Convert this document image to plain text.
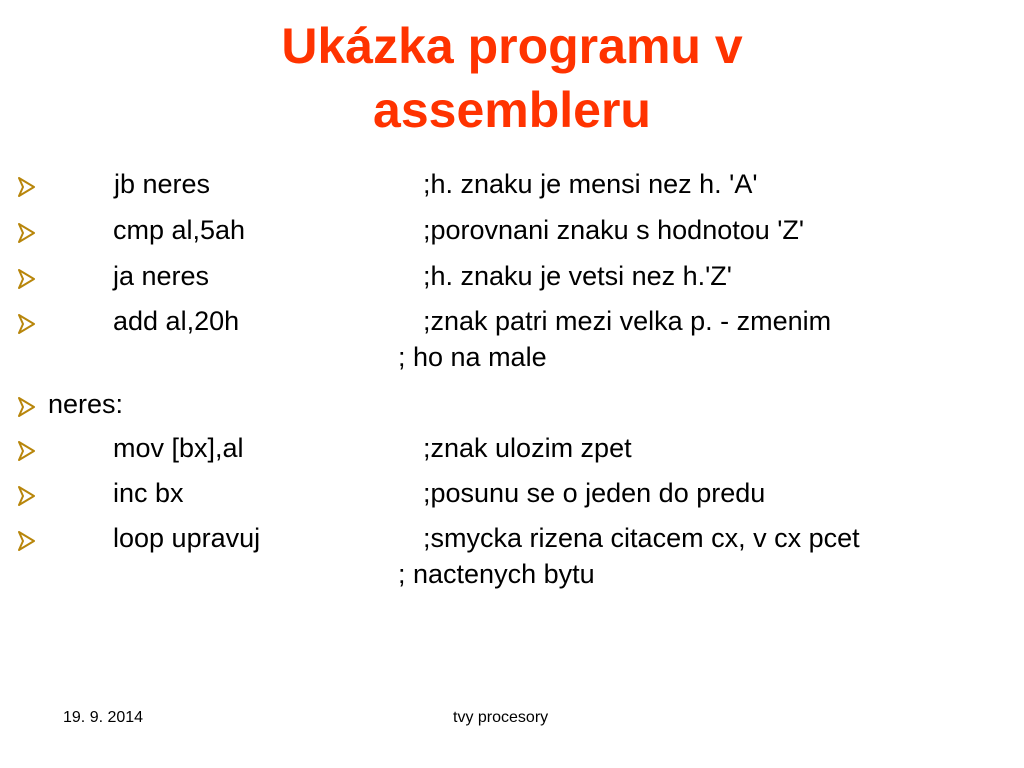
Ukázka programu v
assembleru
jb neres	;h. znaku je mensi nez h. 'A'
cmp al,5ah	;porovnani znaku s hodnotou 'Z'
ja neres	;h. znaku je vetsi nez h.'Z'
add al,20h	;znak patri mezi velka p. - zmenim
; ho na male
neres:
mov [bx],al	;znak ulozim zpet
inc bx	;posunu se o jeden do predu
loop upravuj	;smycka rizena citacem cx, v cx pcet
; nactenych bytu
19. 9. 2014	tvy procesory
